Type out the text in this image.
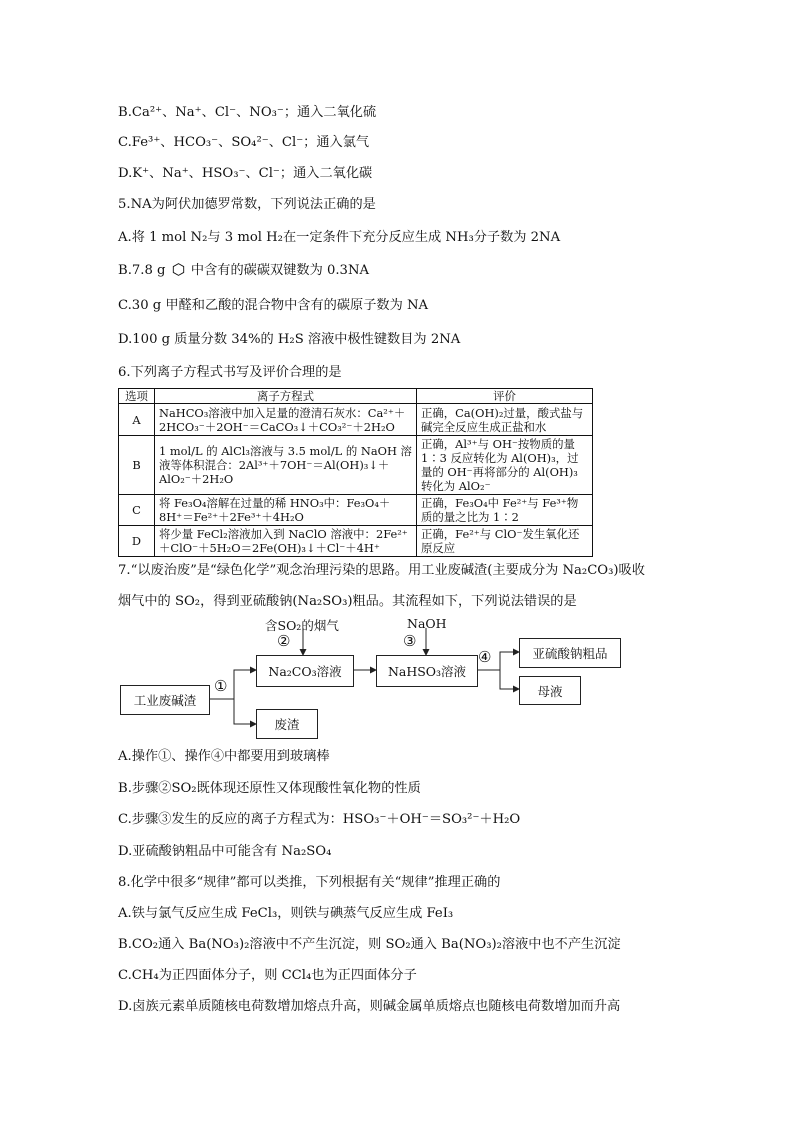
B.Ca²⁺、Na⁺、Cl⁻、NO₃⁻；通入二氧化硫
C.Fe³⁺、HCO₃⁻、SO₄²⁻、Cl⁻；通入氯气
D.K⁺、Na⁺、HSO₃⁻、Cl⁻；通入二氧化碳
5.NA为阿伏加德罗常数，下列说法正确的是
A.将 1 mol N₂与 3 mol H₂在一定条件下充分反应生成 NH₃分子数为 2NA
B.7.8 g 中含有的碳碳双键数为 0.3NA
C.30 g 甲醛和乙酸的混合物中含有的碳原子数为 NA
D.100 g 质量分数 34%的 H₂S 溶液中极性键数目为 2NA
6.下列离子方程式书写及评价合理的是
选项	离子方程式	评价
A	NaHCO₃溶液中加入足量的澄清石灰水：Ca²⁺＋2HCO₃⁻＋2OH⁻＝CaCO₃↓＋CO₃²⁻＋2H₂O	正确，Ca(OH)₂过量，酸式盐与碱完全反应生成正盐和水
B	1 mol/L 的 AlCl₃溶液与 3.5 mol/L 的 NaOH 溶液等体积混合：2Al³⁺＋7OH⁻＝Al(OH)₃↓＋AlO₂⁻＋2H₂O	正确，Al³⁺与 OH⁻按物质的量 1∶3 反应转化为 Al(OH)₃，过量的 OH⁻再将部分的 Al(OH)₃转化为 AlO₂⁻
C	将 Fe₃O₄溶解在过量的稀 HNO₃中：Fe₃O₄＋8H⁺＝Fe²⁺＋2Fe³⁺＋4H₂O	正确，Fe₃O₄中 Fe²⁺与 Fe³⁺物质的量之比为 1∶2
D	将少量 FeCl₂溶液加入到 NaClO 溶液中：2Fe²⁺＋ClO⁻＋5H₂O＝2Fe(OH)₃↓＋Cl⁻＋4H⁺	正确，Fe²⁺与 ClO⁻发生氧化还原反应
7.“以废治废”是“绿色化学”观念治理污染的思路。用工业废碱渣(主要成分为 Na₂CO₃)吸收
烟气中的 SO₂，得到亚硫酸钠(Na₂SO₃)粗品。其流程如下，下列说法错误的是
工业废碱渣
①
Na₂CO₃溶液
废渣
含SO₂的烟气
②
NaHSO₃溶液
NaOH
③
④	亚硫酸钠粗品
母液
A.操作①、操作④中都要用到玻璃棒
B.步骤②SO₂既体现还原性又体现酸性氧化物的性质
C.步骤③发生的反应的离子方程式为：HSO₃⁻＋OH⁻＝SO₃²⁻＋H₂O
D.亚硫酸钠粗品中可能含有 Na₂SO₄
8.化学中很多“规律”都可以类推，下列根据有关“规律”推理正确的
A.铁与氯气反应生成 FeCl₃，则铁与碘蒸气反应生成 FeI₃
B.CO₂通入 Ba(NO₃)₂溶液中不产生沉淀，则 SO₂通入 Ba(NO₃)₂溶液中也不产生沉淀
C.CH₄为正四面体分子，则 CCl₄也为正四面体分子
D.卤族元素单质随核电荷数增加熔点升高，则碱金属单质熔点也随核电荷数增加而升高
